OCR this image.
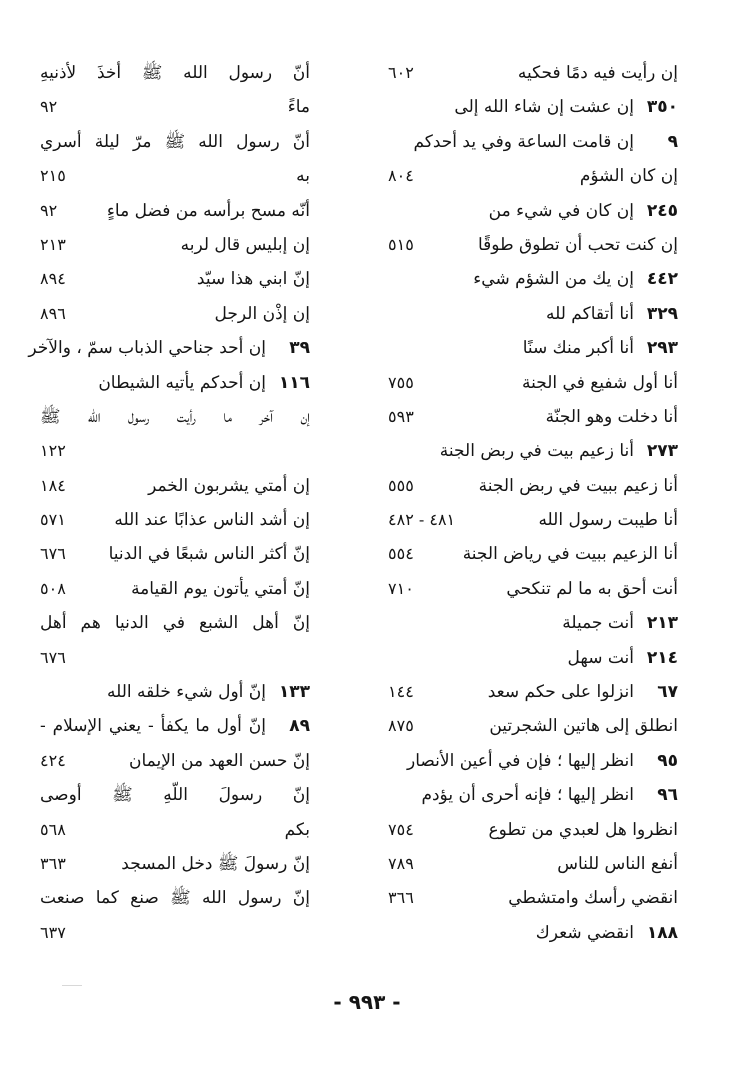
إن رأيت فيه دمًا فحكيه
٦٠٢
٣٥٠
إن عشت إن شاء الله إلى
٩
إن قامت الساعة وفي يد أحدكم
إن كان الشؤم
٨٠٤
٢٤٥
إن كان في شيء من
إن كنت تحب أن تطوق طوقًا
٥١٥
٤٤٢
إن يك من الشؤم شيء
٣٢٩
أنا أتقاكم لله
٢٩٣
أنا أكبر منك سنًا
أنا أول شفيع في الجنة
٧٥٥
أنا دخلت وهو الجنّة
٥٩٣
٢٧٣
أنا زعيم بيت في ربض الجنة
أنا زعيم ببيت في ربض الجنة
٥٥٥
أنا طيبت رسول الله
٤٨١ - ٤٨٢
أنا الزعيم ببيت في رياض الجنة
٥٥٤
أنت أحق به ما لم تنكحي
٧١٠
٢١٣
أنت جميلة
٢١٤
أنت سهل
٦٧
انزلوا على حكم سعد
١٤٤
انطلق إلى هاتين الشجرتين
٨٧٥
٩٥
انظر إليها ؛ فإن في أعين الأنصار
٩٦
انظر إليها ؛ فإنه أحرى أن يؤدم
انظروا هل لعبدي من تطوع
٧٥٤
أنفع الناس للناس
٧٨٩
انقضي رأسك وامتشطي
٣٦٦
١٨٨
انقضي شعرك
أنّ رسول الله ﷺ أخذَ لأذنيهِ
ماءً
٩٢
أنّ رسول الله ﷺ مرّ ليلة أسري
به
٢١٥
أنّه مسح برأسه من فضل ماءٍ
٩٢
إن إبليس قال لربه
٢١٣
إنّ ابني هذا سيّد
٨٩٤
إن إذْن الرجل
٨٩٦
٣٩
إن أحد جناحي الذباب سمّ ، والآخر
١١٦
إن أحدكم يأتيه الشيطان
إن آخر ما رأيت رسول الله ﷺ
١٢٢
إن أمتي يشربون الخمر
١٨٤
إن أشد الناس عذابًا عند الله
٥٧١
إنّ أكثر الناس شبعًا في الدنيا
٦٧٦
إنّ أمتي يأتون يوم القيامة
٥٠٨
إنّ أهل الشبع في الدنيا هم أهل
٦٧٦
١٣٣
إنّ أول شيء خلقه الله
٨٩
إنّ أول ما يكفأ - يعني الإسلام -
إنّ حسن العهد من الإيمان
٤٢٤
إنّ رسولَ اللّهِ ﷺ أوصى
بكم
٥٦٨
إنّ رسولَ ﷺ دخل المسجد
٣٦٣
إنّ رسول الله ﷺ صنع كما صنعت
٦٣٧
- ٩٩٣ -
